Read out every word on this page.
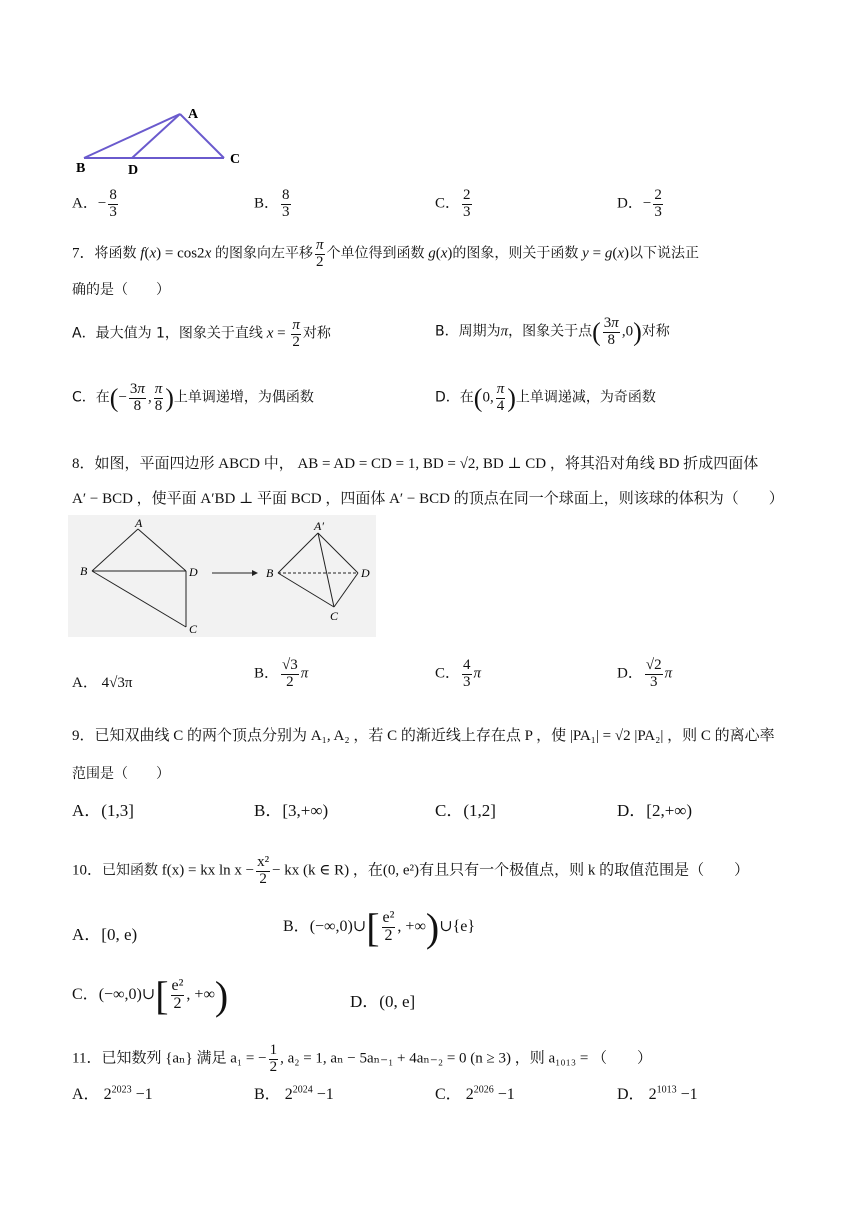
A
B	D
C
A．− $\frac{8}{3}$	B． $\frac{8}{3}$	C． $\frac{2}{3}$	D．− $\frac{2}{3}$
7．将函数 f(x) = cos2x 的图象向左平移 $\frac{\pi}{2}$ 个单位得到函数 g(x)的图象，则关于函数 y = g(x)以下说法正
确的是（　　）
A．最大值为 1，图象关于直线 $x = \frac{\pi}{2}$ 对称	B．周期为π，图象关于点( $\frac{3\pi}{8} ,0$)对称
C．在(− $\frac{3\pi}{8}$ , $\frac{\pi}{8}$ )上单调递增，为偶函数	D．在(0, $\frac{\pi}{4}$ )上单调递减，为奇函数
8．如图，平面四边形 ABCD 中， AB = AD = CD = 1, BD = √2, BD ⊥ CD ，将其沿对角线 BD 折成四面体
A′ − BCD ，使平面 A′BD ⊥ 平面 BCD ，四面体 A′ − BCD 的顶点在同一个球面上，则该球的体积为（　　）
A
B	D
C
A′
B	D
C
A． 4√3π
B． $\frac{√3}{2}$ π	C． $\frac{4}{3}$ π	D． $\frac{√2}{3}$ π
9．已知双曲线 C 的两个顶点分别为 A₁, A₂ ，若 C 的渐近线上存在点 P ，使 |PA₁| = √2 |PA₂| ，则 C 的离心率
范围是（　　）
A．(1,3]	B．[3,+∞)	C．(1,2]	D．[2,+∞)
10．已知函数 f(x) = kx $\ln x - \frac{\text{x²}}{2}$ − kx (k ∈ R) ，在(0, e²)有且只有一个极值点，则 k 的取值范围是（　　）
A．[0, e)	B．(−∞,0)∪[ $\frac{\text{e²}}{2}$ , +∞)∪{e}
C．(−∞,0)∪[ $\frac{\text{e²}}{2}$ , +∞)	D．(0, e]
11．已知数列 {aₙ} 满足 a₁ = − $\frac{1}{2}$ , a₂ = 1, aₙ − 5aₙ₋₁ + 4aₙ₋₂ = 0 (n ≥ 3) ，则 a₁₀₁₃ = （　　）
A． $2^{2023} -1$	B． $2^{2024} -1$	C． $2^{2026} -1$	D． $2^{1013} -1$
